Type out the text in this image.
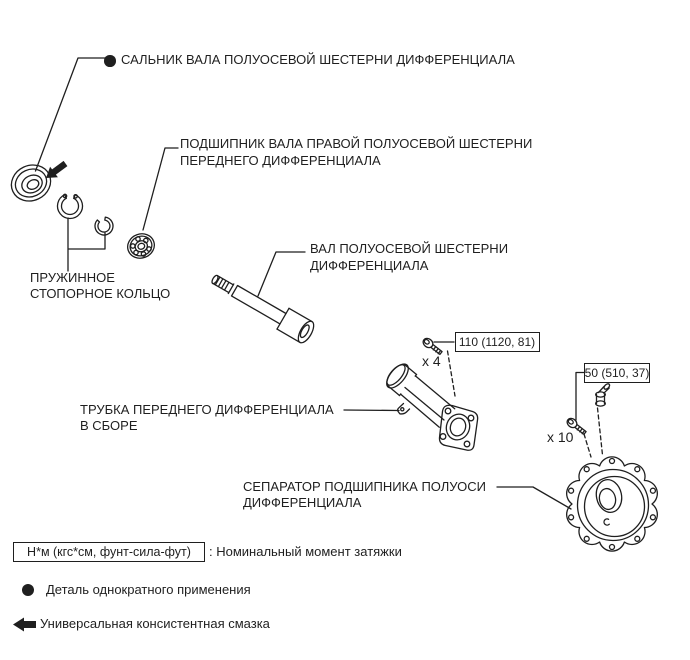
САЛЬНИК ВАЛА ПОЛУОСЕВОЙ ШЕСТЕРНИ ДИФФЕРЕНЦИАЛА
ПОДШИПНИК ВАЛА ПРАВОЙ ПОЛУОСЕВОЙ ШЕСТЕРНИ
ПЕРЕДНЕГО ДИФФЕРЕНЦИАЛА
ПРУЖИННОЕ
СТОПОРНОЕ КОЛЬЦО
ВАЛ ПОЛУОСЕВОЙ ШЕСТЕРНИ
ДИФФЕРЕНЦИАЛА
ТРУБКА ПЕРЕДНЕГО ДИФФЕРЕНЦИАЛА
В СБОРЕ
СЕПАРАТОР ПОДШИПНИКА ПОЛУОСИ
ДИФФЕРЕНЦИАЛА
110 (1120, 81)
x 4
50 (510, 37)
x 10
Н*м (кгс*см, фунт-сила-фут)	: Номинальный момент затяжки
Деталь однократного применения
Универсальная консистентная смазка
